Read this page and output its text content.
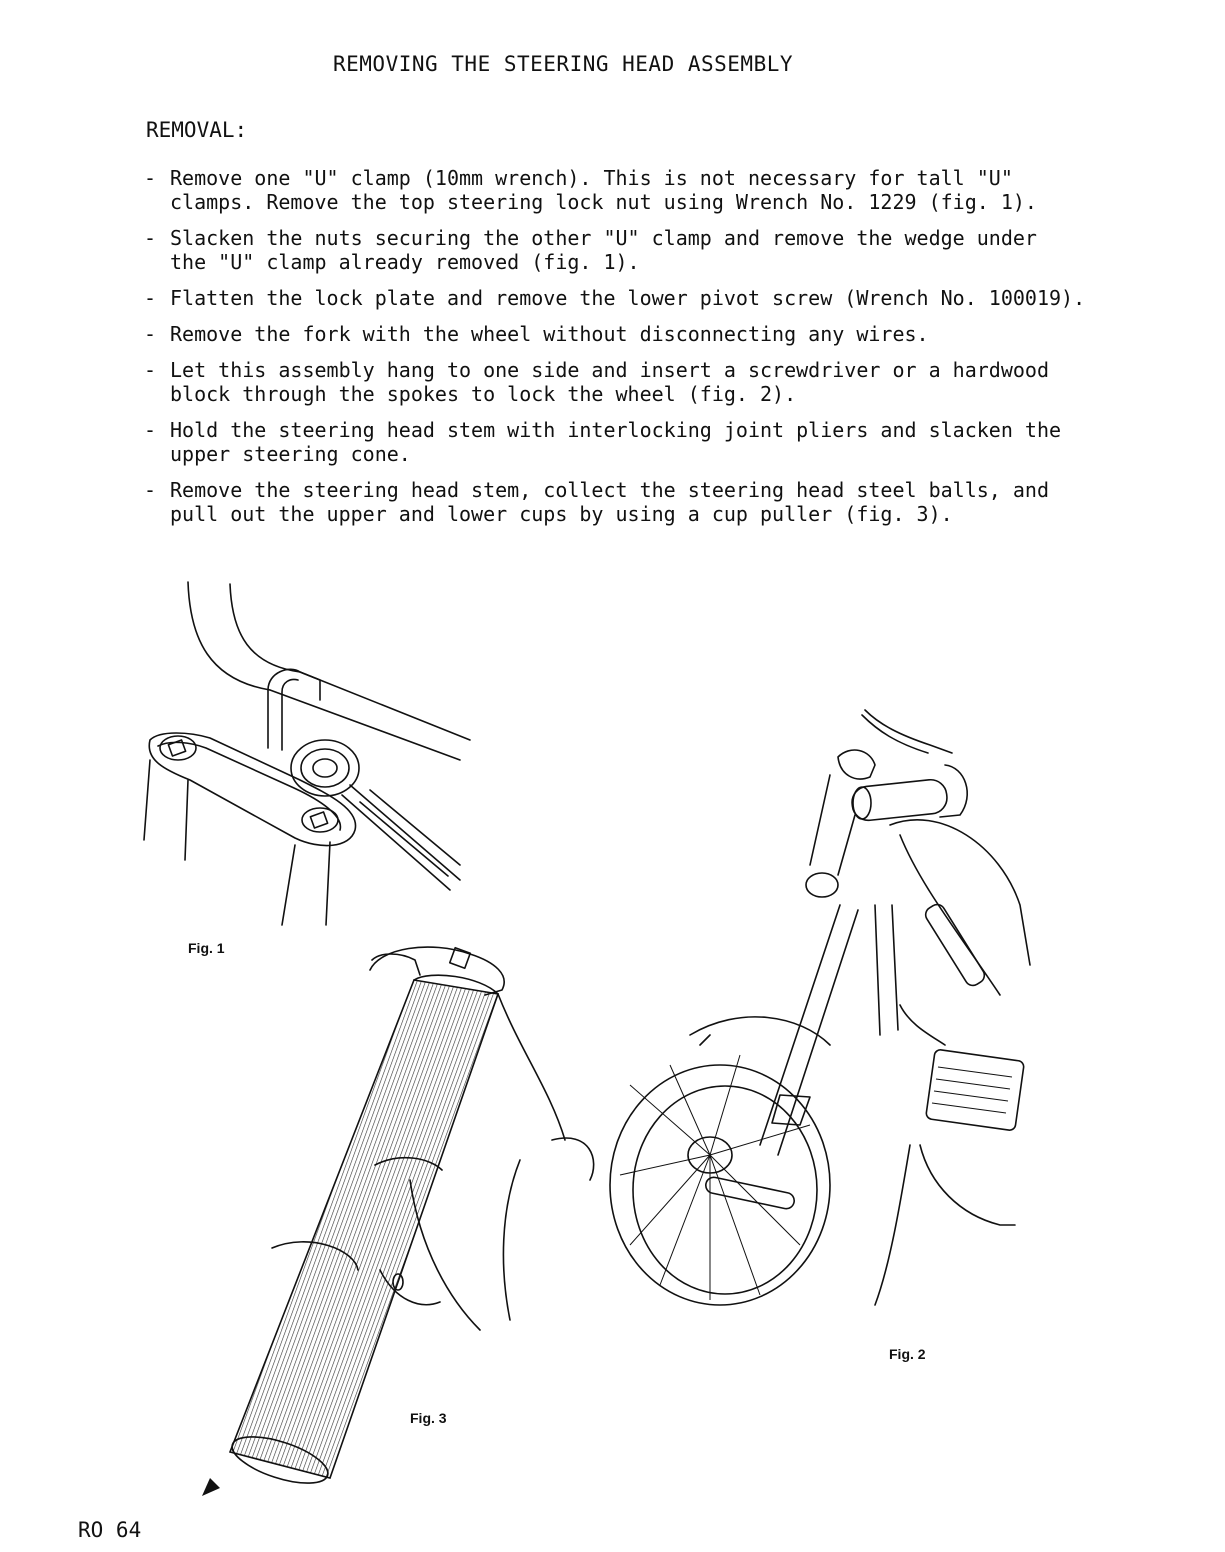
REMOVING THE STEERING HEAD ASSEMBLY
REMOVAL:
- Remove one "U" clamp (10mm wrench). This is not necessary for tall "U"
clamps. Remove the top steering lock nut using Wrench No. 1229 (fig. 1).
- Slacken the nuts securing the other "U" clamp and remove the wedge under
the "U" clamp already removed (fig. 1).
- Flatten the lock plate and remove the lower pivot screw (Wrench No. 100019).
- Remove the fork with the wheel without disconnecting any wires.
- Let this assembly hang to one side and insert a screwdriver or a hardwood
block through the spokes to lock the wheel (fig. 2).
- Hold the steering head stem with interlocking joint pliers and slacken the
upper steering cone.
- Remove the steering head stem, collect the steering head steel balls, and
pull out the upper and lower cups by using a cup puller (fig. 3).
Fig. 1
Fig. 3
Fig. 2
RO 64
